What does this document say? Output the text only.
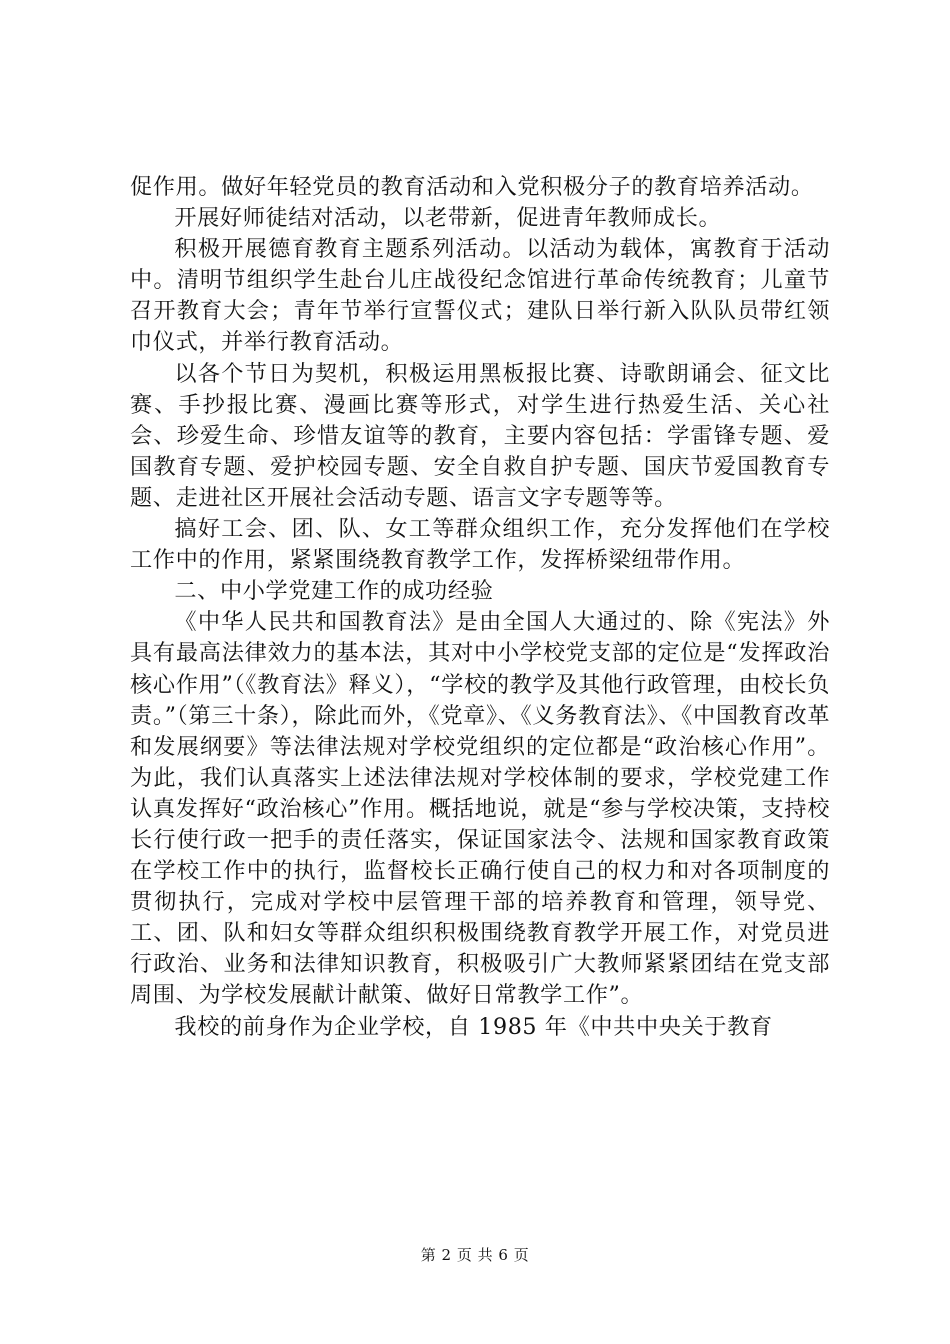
促作用。做好年轻党员的教育活动和入党积极分子的教育培养活动。

开展好师徒结对活动，以老带新，促进青年教师成长。

积极开展德育教育主题系列活动。以活动为载体，寓教育于活动中。清明节组织学生赴台儿庄战役纪念馆进行革命传统教育；儿童节召开教育大会；青年节举行宣誓仪式；建队日举行新入队队员带红领巾仪式，并举行教育活动。

以各个节日为契机，积极运用黑板报比赛、诗歌朗诵会、征文比赛、手抄报比赛、漫画比赛等形式，对学生进行热爱生活、关心社会、珍爱生命、珍惜友谊等的教育，主要内容包括：学雷锋专题、爱国教育专题、爱护校园专题、安全自救自护专题、国庆节爱国教育专题、走进社区开展社会活动专题、语言文字专题等等。

搞好工会、团、队、女工等群众组织工作，充分发挥他们在学校工作中的作用，紧紧围绕教育教学工作，发挥桥梁纽带作用。

二、中小学党建工作的成功经验

《中华人民共和国教育法》是由全国人大通过的、除《宪法》外具有最高法律效力的基本法，其对中小学校党支部的定位是“发挥政治核心作用”（《教育法》释义），“学校的教学及其他行政管理，由校长负责。”（第三十条），除此而外，《党章》、《义务教育法》、《中国教育改革和发展纲要》等法律法规对学校党组织的定位都是“政治核心作用”。为此，我们认真落实上述法律法规对学校体制的要求，学校党建工作认真发挥好“政治核心”作用。概括地说，就是“参与学校决策，支持校长行使行政一把手的责任落实，保证国家法令、法规和国家教育政策在学校工作中的执行，监督校长正确行使自己的权力和对各项制度的贯彻执行，完成对学校中层管理干部的培养教育和管理，领导党、工、团、队和妇女等群众组织积极围绕教育教学开展工作，对党员进行政治、业务和法律知识教育，积极吸引广大教师紧紧团结在党支部周围、为学校发展献计献策、做好日常教学工作”。

我校的前身作为企业学校，自 1985 年《中共中央关于教育

第 2 页 共 6 页
